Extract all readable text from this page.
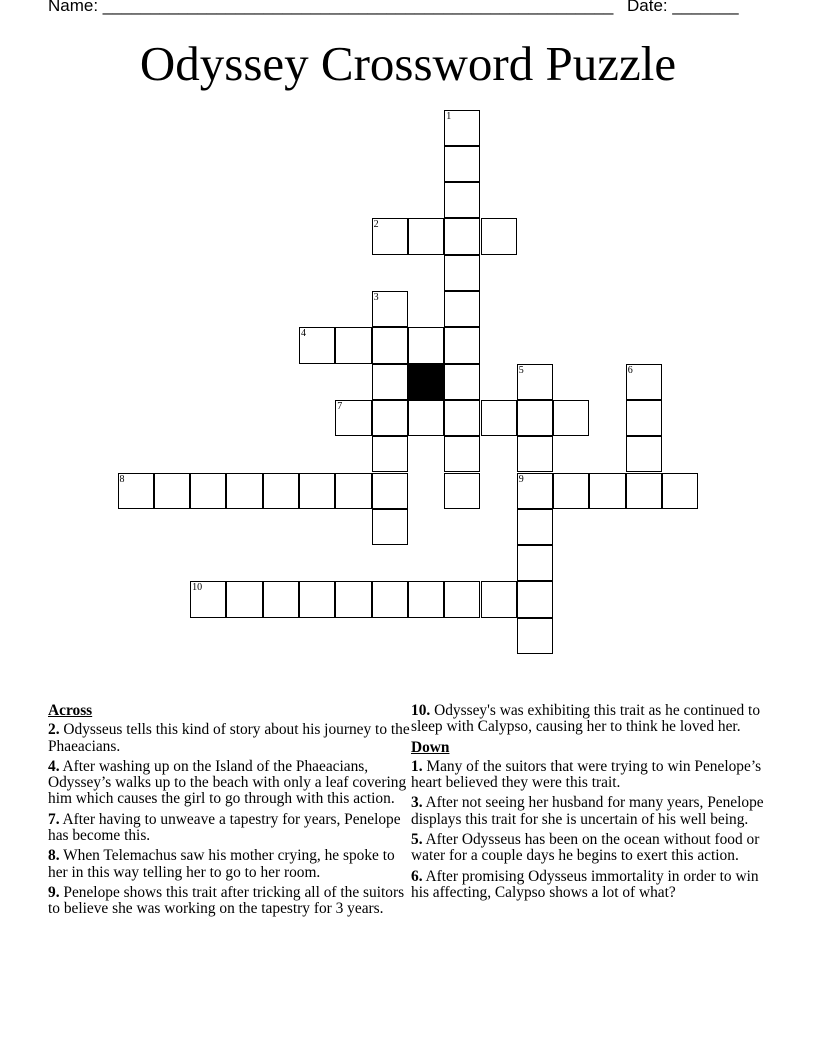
Name: ______________________________________________________ Date: _______
Odyssey Crossword Puzzle
1
2
3
4
5	6
7
8	9
10
Across
2. Odysseus tells this kind of story about his journey to the Phaeacians.
4. After washing up on the Island of the Phaeacians, Odyssey’s walks up to the beach with only a leaf covering him which causes the girl to go through with this action.
7. After having to unweave a tapestry for years, Penelope has become this.
8. When Telemachus saw his mother crying, he spoke to her in this way telling her to go to her room.
9. Penelope shows this trait after tricking all of the suitors to believe she was working on the tapestry for 3 years.
10. Odyssey's was exhibiting this trait as he continued to sleep with Calypso, causing her to think he loved her.
Down
1. Many of the suitors that were trying to win Penelope’s heart believed they were this trait.
3. After not seeing her husband for many years, Penelope displays this trait for she is uncertain of his well being.
5. After Odysseus has been on the ocean without food or water for a couple days he begins to exert this action.
6. After promising Odysseus immortality in order to win his affecting, Calypso shows a lot of what?
